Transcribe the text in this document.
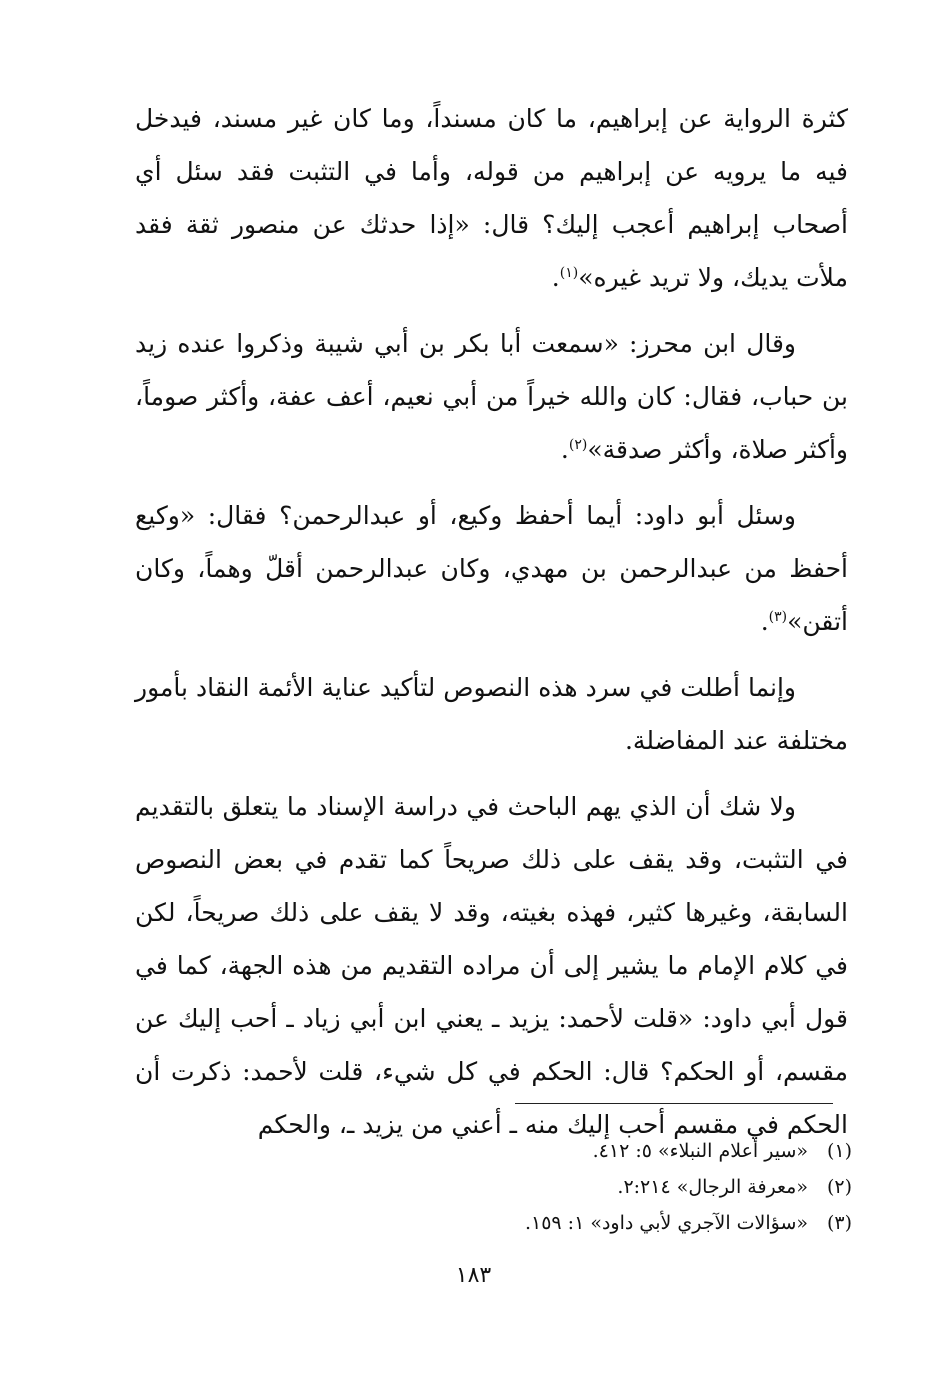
كثرة الرواية عن إبراهيم، ما كان مسنداً، وما كان غير مسند، فيدخل فيه ما يرويه عن إبراهيم من قوله، وأما في التثبت فقد سئل أي أصحاب إبراهيم أعجب إليك؟ قال: «إذا حدثك عن منصور ثقة فقد ملأت يديك، ولا تريد غيره»$^{(١)}$.

وقال ابن محرز: «سمعت أبا بكر بن أبي شيبة وذكروا عنده زيد بن حباب، فقال: كان والله خيراً من أبي نعيم، أعف عفة، وأكثر صوماً، وأكثر صلاة، وأكثر صدقة»$^{(٢)}$.

وسئل أبو داود: أيما أحفظ وكيع، أو عبدالرحمن؟ فقال: «وكيع أحفظ من عبدالرحمن بن مهدي، وكان عبدالرحمن أقلّ وهماً، وكان أتقن»$^{(٣)}$.

وإنما أطلت في سرد هذه النصوص لتأكيد عناية الأئمة النقاد بأمور مختلفة عند المفاضلة.

ولا شك أن الذي يهم الباحث في دراسة الإسناد ما يتعلق بالتقديم في التثبت، وقد يقف على ذلك صريحاً كما تقدم في بعض النصوص السابقة، وغيرها كثير، فهذه بغيته، وقد لا يقف على ذلك صريحاً، لكن في كلام الإمام ما يشير إلى أن مراده التقديم من هذه الجهة، كما في قول أبي داود: «قلت لأحمد: يزيد ـ يعني ابن أبي زياد ـ أحب إليك عن مقسم، أو الحكم؟ قال: الحكم في كل شيء، قلت لأحمد: ذكرت أن الحكم في مقسم أحب إليك منه ـ أعني من يزيد ـ، والحكم

(١)«سير أعلام النبلاء» ٥: ٤١٢.
(٢)«معرفة الرجال» ٢:٢١٤.
(٣)«سؤالات الآجري لأبي داود» ١: ١٥٩.
١٨٣
